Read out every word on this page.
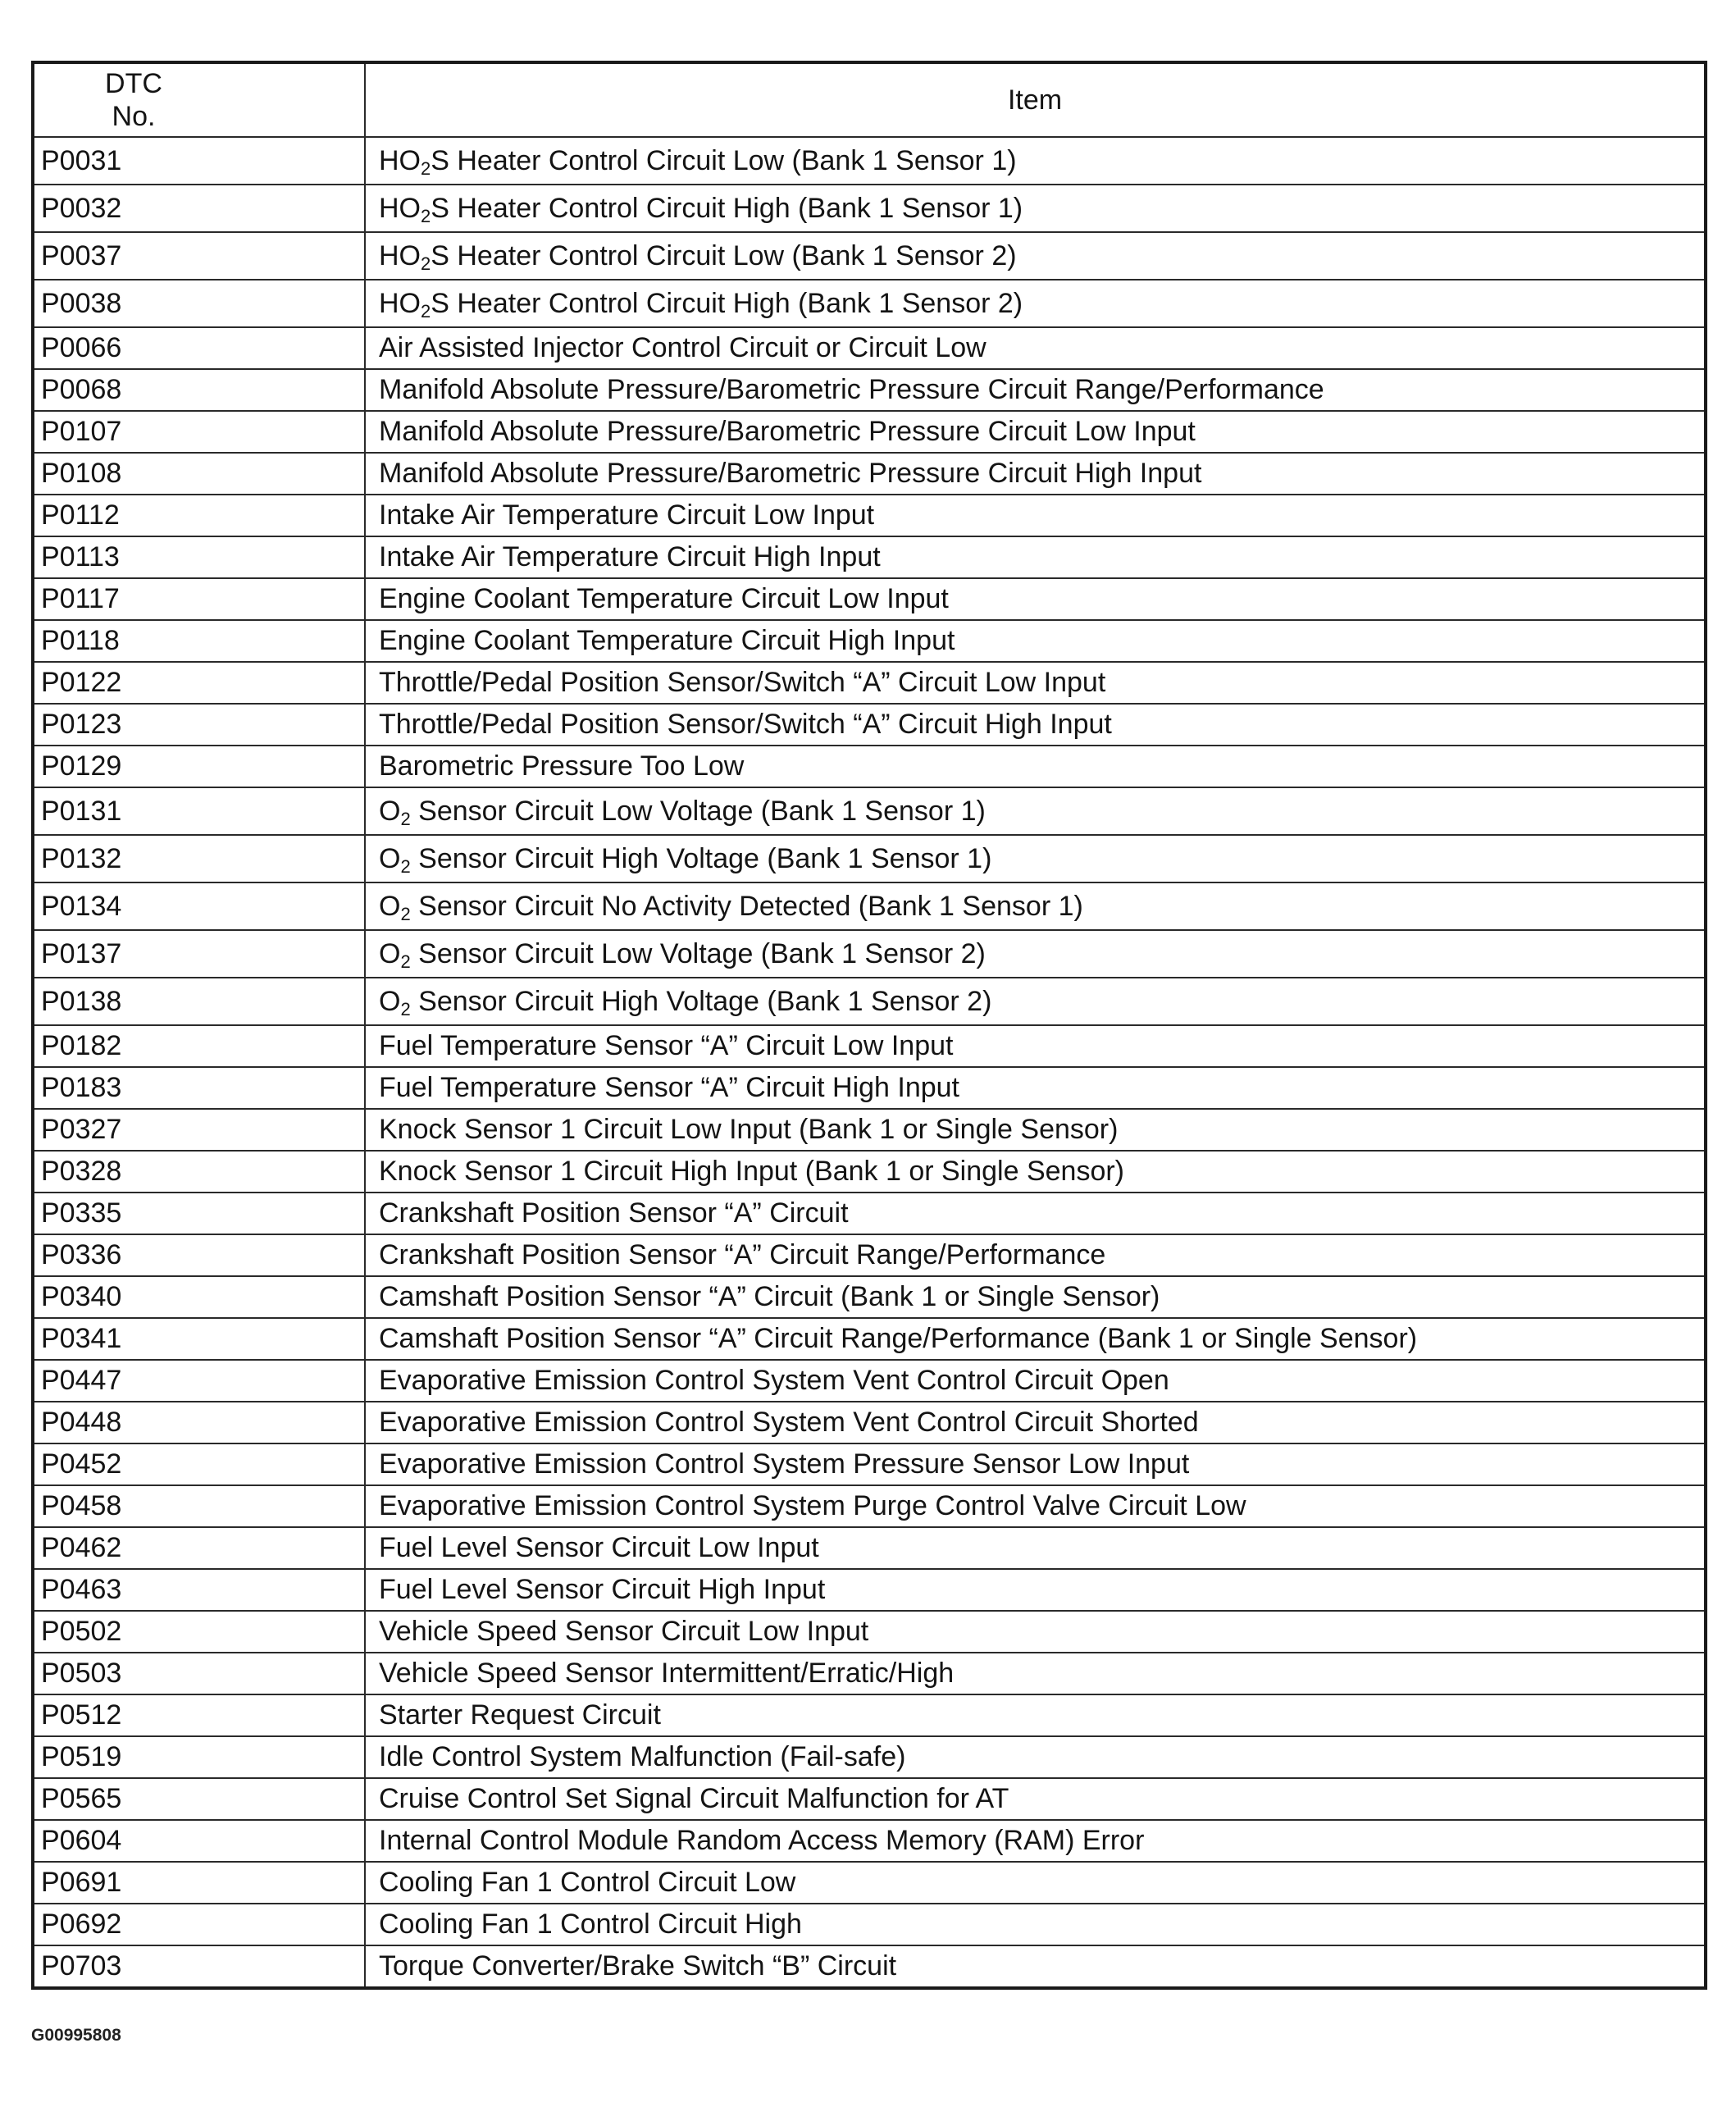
DTC
No.	Item
P0031	$HO_2S$ Heater Control Circuit Low (Bank 1 Sensor 1)
P0032	$HO_2S$ Heater Control Circuit High (Bank 1 Sensor 1)
P0037	$HO_2S$ Heater Control Circuit Low (Bank 1 Sensor 2)
P0038	$HO_2S$ Heater Control Circuit High (Bank 1 Sensor 2)
P0066	Air Assisted Injector Control Circuit or Circuit Low
P0068	Manifold Absolute Pressure/Barometric Pressure Circuit Range/Performance
P0107	Manifold Absolute Pressure/Barometric Pressure Circuit Low Input
P0108	Manifold Absolute Pressure/Barometric Pressure Circuit High Input
P0112	Intake Air Temperature Circuit Low Input
P0113	Intake Air Temperature Circuit High Input
P0117	Engine Coolant Temperature Circuit Low Input
P0118	Engine Coolant Temperature Circuit High Input
P0122	Throttle/Pedal Position Sensor/Switch “A” Circuit Low Input
P0123	Throttle/Pedal Position Sensor/Switch “A” Circuit High Input
P0129	Barometric Pressure Too Low
P0131	$O_2$ Sensor Circuit Low Voltage (Bank 1 Sensor 1)
P0132	$O_2$ Sensor Circuit High Voltage (Bank 1 Sensor 1)
P0134	$O_2$ Sensor Circuit No Activity Detected (Bank 1 Sensor 1)
P0137	$O_2$ Sensor Circuit Low Voltage (Bank 1 Sensor 2)
P0138	$O_2$ Sensor Circuit High Voltage (Bank 1 Sensor 2)
P0182	Fuel Temperature Sensor “A” Circuit Low Input
P0183	Fuel Temperature Sensor “A” Circuit High Input
P0327	Knock Sensor 1 Circuit Low Input (Bank 1 or Single Sensor)
P0328	Knock Sensor 1 Circuit High Input (Bank 1 or Single Sensor)
P0335	Crankshaft Position Sensor “A” Circuit
P0336	Crankshaft Position Sensor “A” Circuit Range/Performance
P0340	Camshaft Position Sensor “A” Circuit (Bank 1 or Single Sensor)
P0341	Camshaft Position Sensor “A” Circuit Range/Performance (Bank 1 or Single Sensor)
P0447	Evaporative Emission Control System Vent Control Circuit Open
P0448	Evaporative Emission Control System Vent Control Circuit Shorted
P0452	Evaporative Emission Control System Pressure Sensor Low Input
P0458	Evaporative Emission Control System Purge Control Valve Circuit Low
P0462	Fuel Level Sensor Circuit Low Input
P0463	Fuel Level Sensor Circuit High Input
P0502	Vehicle Speed Sensor Circuit Low Input
P0503	Vehicle Speed Sensor Intermittent/Erratic/High
P0512	Starter Request Circuit
P0519	Idle Control System Malfunction (Fail-safe)
P0565	Cruise Control Set Signal Circuit Malfunction for AT
P0604	Internal Control Module Random Access Memory (RAM) Error
P0691	Cooling Fan 1 Control Circuit Low
P0692	Cooling Fan 1 Control Circuit High
P0703	Torque Converter/Brake Switch “B” Circuit
G00995808
